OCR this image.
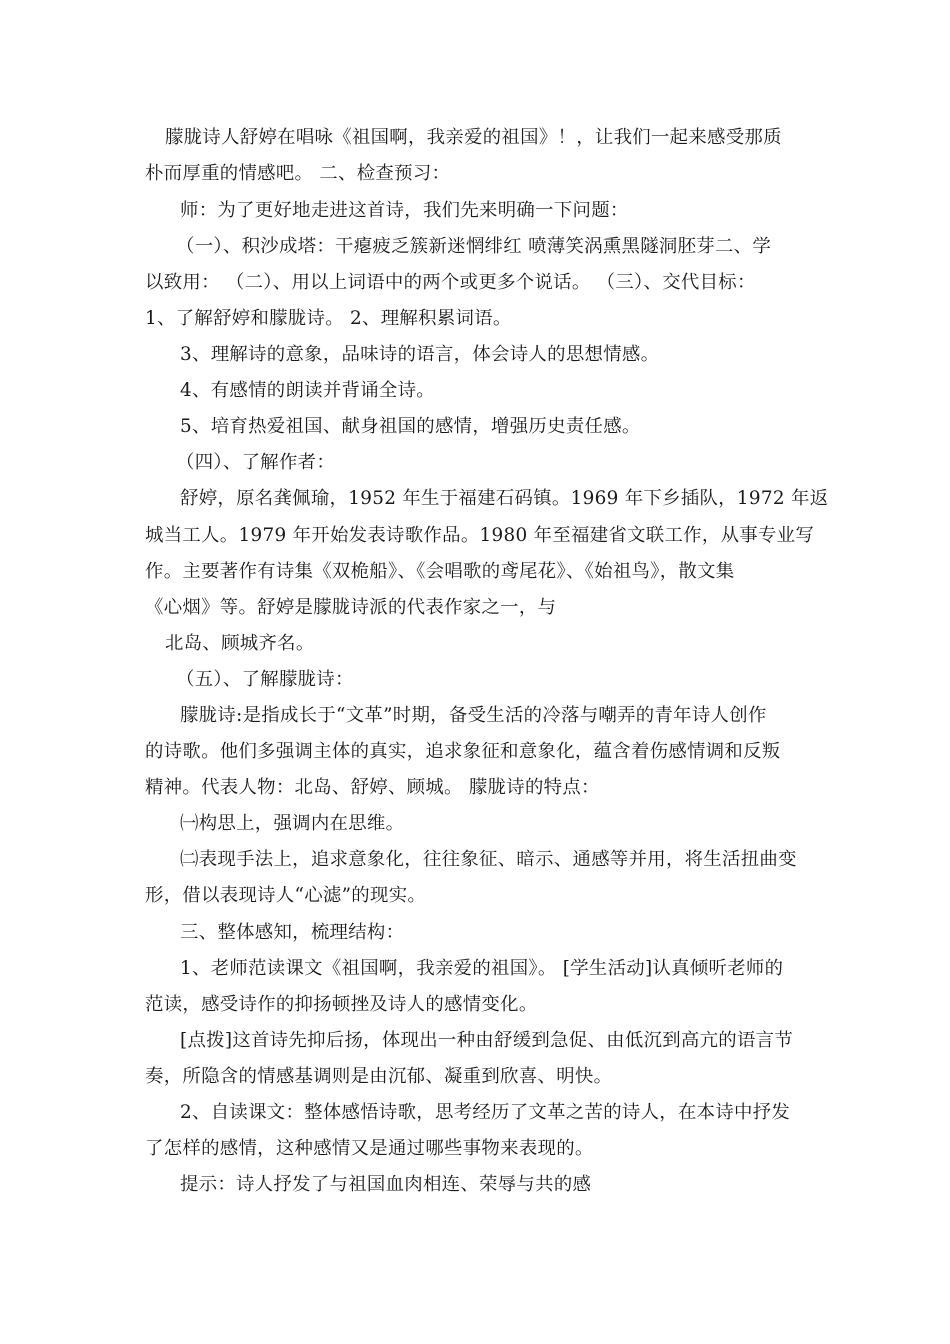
朦胧诗人舒婷在唱咏《祖国啊，我亲爱的祖国》！，让我们一起来感受那质

朴而厚重的情感吧。 二、检查预习：

师：为了更好地走进这首诗，我们先来明确一下问题：

（一）、积沙成塔：干瘪疲乏簇新迷惘绯红 喷薄笑涡熏黑隧洞胚芽二、学

以致用： （二）、用以上词语中的两个或更多个说话。 （三）、交代目标：

1、了解舒婷和朦胧诗。 2、理解积累词语。

3、理解诗的意象，品味诗的语言，体会诗人的思想情感。

4、有感情的朗读并背诵全诗。

5、培育热爱祖国、献身祖国的感情，增强历史责任感。

（四）、了解作者：

舒婷，原名龚佩瑜，1952 年生于福建石码镇。1969 年下乡插队，1972 年返

城当工人。1979 年开始发表诗歌作品。1980 年至福建省文联工作，从事专业写

作。主要著作有诗集《双桅船》、《会唱歌的鸢尾花》、《始祖鸟》，散文集

《心烟》等。舒婷是朦胧诗派的代表作家之一，与

北岛、顾城齐名。

（五）、了解朦胧诗：

朦胧诗:是指成长于“文革”时期，备受生活的冷落与嘲弄的青年诗人创作

的诗歌。他们多强调主体的真实，追求象征和意象化，蕴含着伤感情调和反叛

精神。代表人物：北岛、舒婷、顾城。 朦胧诗的特点：

㈠构思上，强调内在思维。

㈡表现手法上，追求意象化，往往象征、暗示、通感等并用，将生活扭曲变

形，借以表现诗人“心滤”的现实。

三、整体感知，梳理结构：

1、老师范读课文《祖国啊，我亲爱的祖国》。 [学生活动]认真倾听老师的

范读，感受诗作的抑扬顿挫及诗人的感情变化。

[点拨]这首诗先抑后扬，体现出一种由舒缓到急促、由低沉到高亢的语言节

奏，所隐含的情感基调则是由沉郁、凝重到欣喜、明快。

2、自读课文：整体感悟诗歌，思考经历了文革之苦的诗人，在本诗中抒发

了怎样的感情，这种感情又是通过哪些事物来表现的。

提示：诗人抒发了与祖国血肉相连、荣辱与共的感
